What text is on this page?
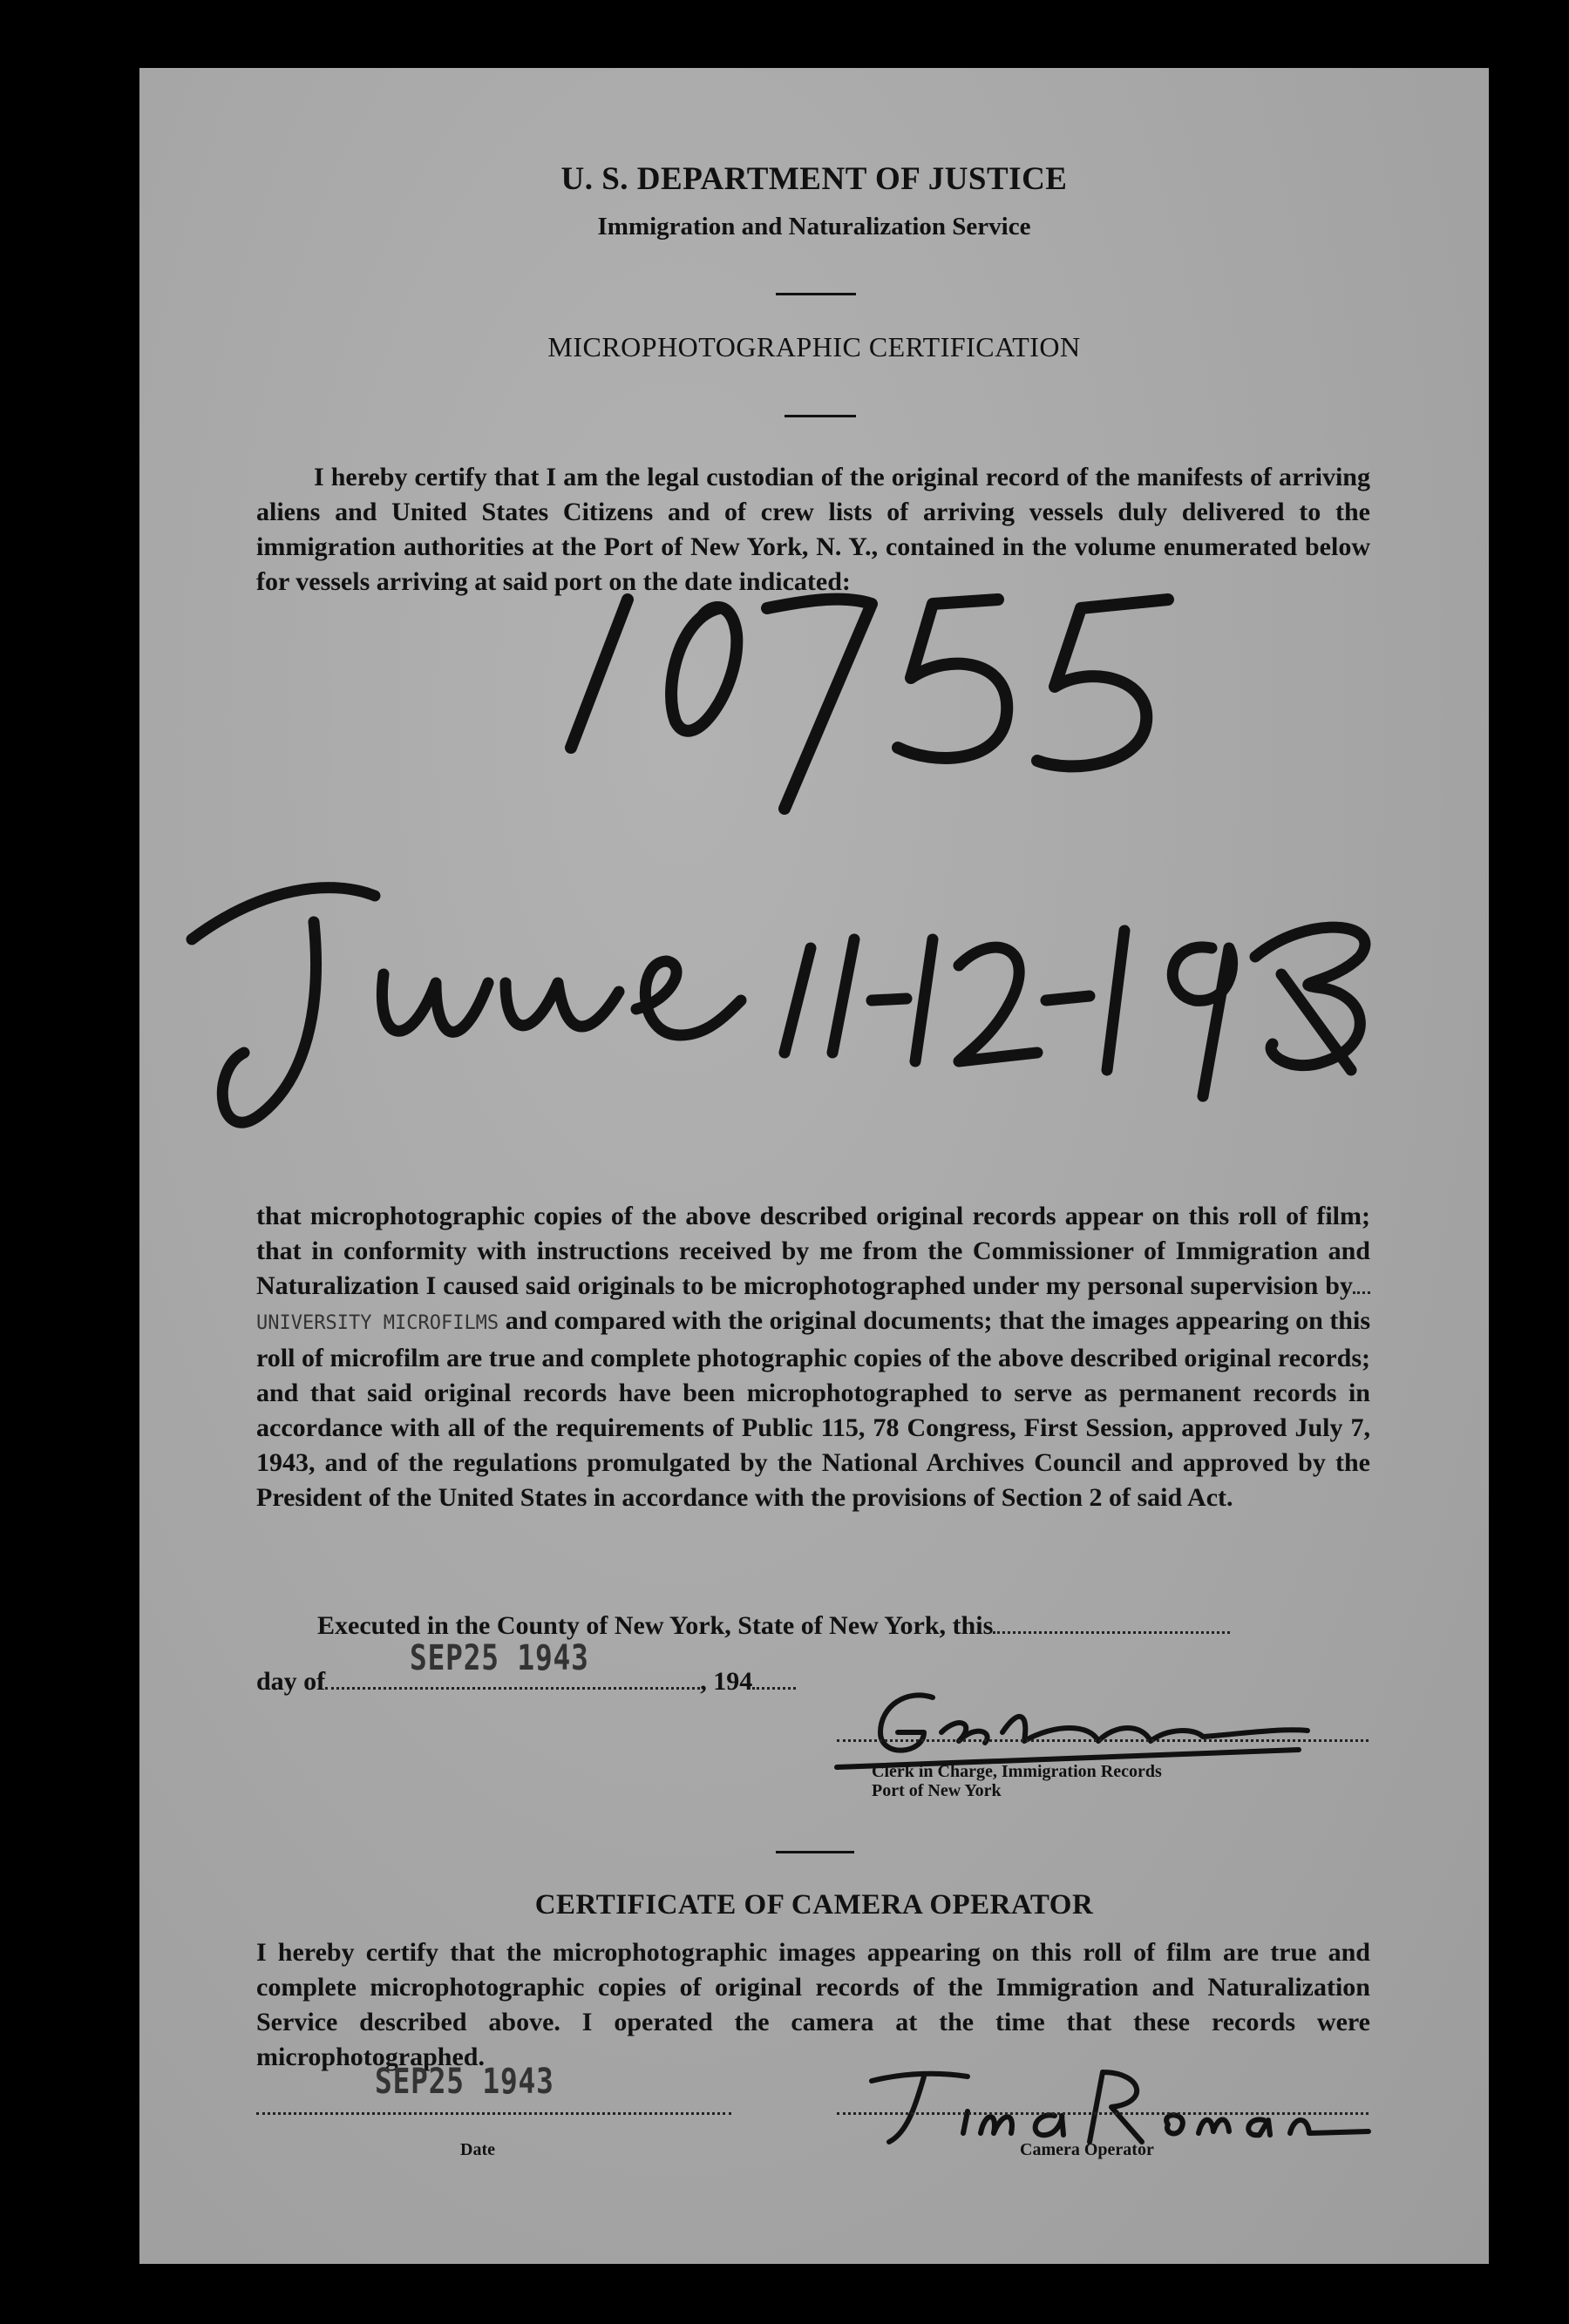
U. S. DEPARTMENT OF JUSTICE
Immigration and Naturalization Service
MICROPHOTOGRAPHIC CERTIFICATION
I hereby certify that I am the legal custodian of the original record of the manifests of arriving aliens and United States Citizens and of crew lists of arriving vessels duly delivered to the immigration authorities at the Port of New York, N. Y., contained in the volume enumerated below for vessels arriving at said port on the date indicated:
that microphotographic copies of the above described original records appear on this roll of film; that in conformity with instructions received by me from the Commissioner of Immigration and Naturalization I caused said originals to be microphotographed under my personal supervision byUNIVERSITY MICROFILMS and compared with the original documents; that the images appearing on this roll of microfilm are true and complete photographic copies of the above described original records; and that said original records have been microphotographed to serve as permanent records in accordance with all of the requirements of Public 115, 78 Congress, First Session, approved July 7, 1943, and of the regulations promulgated by the National Archives Council and approved by the President of the United States in accordance with the provisions of Section 2 of said Act.
Executed in the County of New York, State of New York, this
SEP25 1943
day of	, 194
Clerk in Charge, Immigration Records
Port of New York
CERTIFICATE OF CAMERA OPERATOR
I hereby certify that the microphotographic images appearing on this roll of film are true and complete microphotographic copies of original records of the Immigration and Naturalization Service described above. I operated the camera at the time that these records were microphotographed.
SEP25 1943
Date	Camera Operator
